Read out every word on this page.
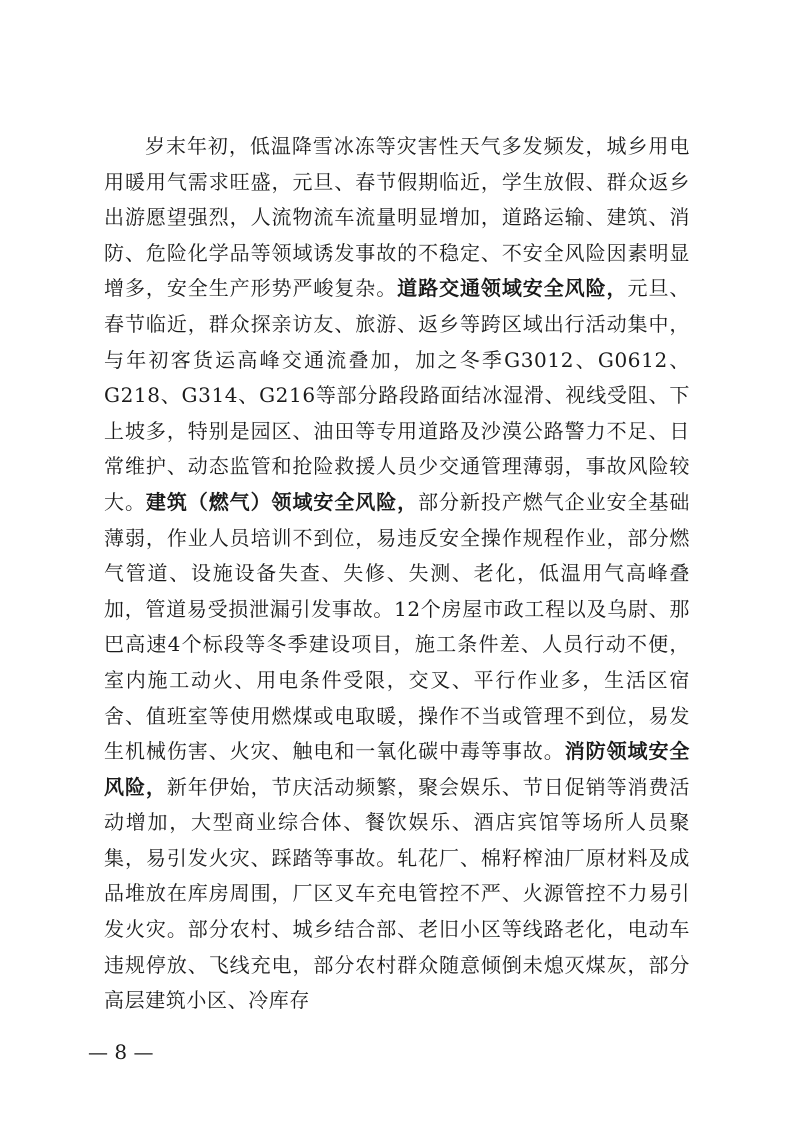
岁末年初，低温降雪冰冻等灾害性天气多发频发，城乡用电用暖用气需求旺盛，元旦、春节假期临近，学生放假、群众返乡出游愿望强烈，人流物流车流量明显增加，道路运输、建筑、消防、危险化学品等领域诱发事故的不稳定、不安全风险因素明显增多，安全生产形势严峻复杂。道路交通领域安全风险，元旦、春节临近，群众探亲访友、旅游、返乡等跨区域出行活动集中，与年初客货运高峰交通流叠加，加之冬季G3012、G0612、G218、G314、G216等部分路段路面结冰湿滑、视线受阻、下上坡多，特别是园区、油田等专用道路及沙漠公路警力不足、日常维护、动态监管和抢险救援人员少交通管理薄弱，事故风险较大。建筑（燃气）领域安全风险，部分新投产燃气企业安全基础薄弱，作业人员培训不到位，易违反安全操作规程作业，部分燃气管道、设施设备失查、失修、失测、老化，低温用气高峰叠加，管道易受损泄漏引发事故。12个房屋市政工程以及乌尉、那巴高速4个标段等冬季建设项目，施工条件差、人员行动不便，室内施工动火、用电条件受限，交叉、平行作业多，生活区宿舍、值班室等使用燃煤或电取暖，操作不当或管理不到位，易发生机械伤害、火灾、触电和一氧化碳中毒等事故。消防领域安全风险，新年伊始，节庆活动频繁，聚会娱乐、节日促销等消费活动增加，大型商业综合体、餐饮娱乐、酒店宾馆等场所人员聚集，易引发火灾、踩踏等事故。轧花厂、棉籽榨油厂原材料及成品堆放在库房周围，厂区叉车充电管控不严、火源管控不力易引发火灾。部分农村、城乡结合部、老旧小区等线路老化，电动车违规停放、飞线充电，部分农村群众随意倾倒未熄灭煤灰，部分高层建筑小区、冷库存

— 8 —
